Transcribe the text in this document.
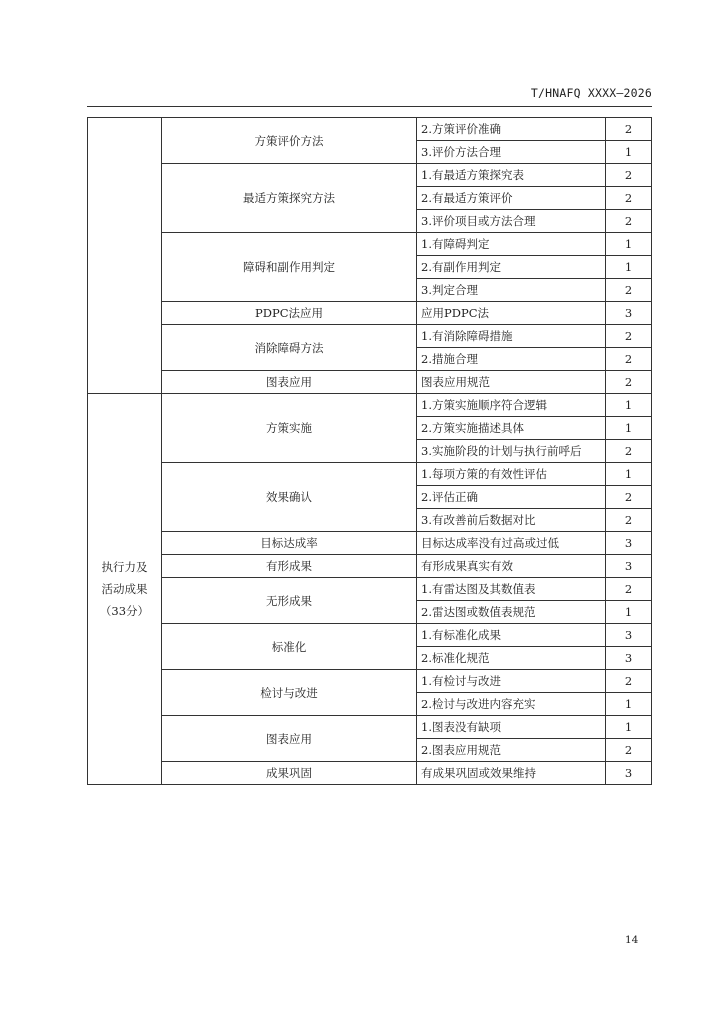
T/HNAFQ XXXX—2026
	方策评价方法	2.方策评价准确	2
		3.评价方法合理	1
	最适方策探究方法	1.有最适方策探究表	2
		2.有最适方策评价	2
		3.评价项目或方法合理	2
	障碍和副作用判定	1.有障碍判定	1
		2.有副作用判定	1
		3.判定合理	2
	PDPC法应用	应用PDPC法	3
	消除障碍方法	1.有消除障碍措施	2
		2.措施合理	2
	图表应用	图表应用规范	2
执行力及
活动成果
（33分）	方策实施	1.方策实施顺序符合逻辑	1
		2.方策实施描述具体	1
		3.实施阶段的计划与执行前呼后	2
	效果确认	1.每项方策的有效性评估	1
		2.评估正确	2
		3.有改善前后数据对比	2
	目标达成率	目标达成率没有过高或过低	3
	有形成果	有形成果真实有效	3
	无形成果	1.有雷达图及其数值表	2
		2.雷达图或数值表规范	1
	标准化	1.有标准化成果	3
		2.标准化规范	3
	检讨与改进	1.有检讨与改进	2
		2.检讨与改进内容充实	1
	图表应用	1.图表没有缺项	1
		2.图表应用规范	2
	成果巩固	有成果巩固或效果维持	3
14
